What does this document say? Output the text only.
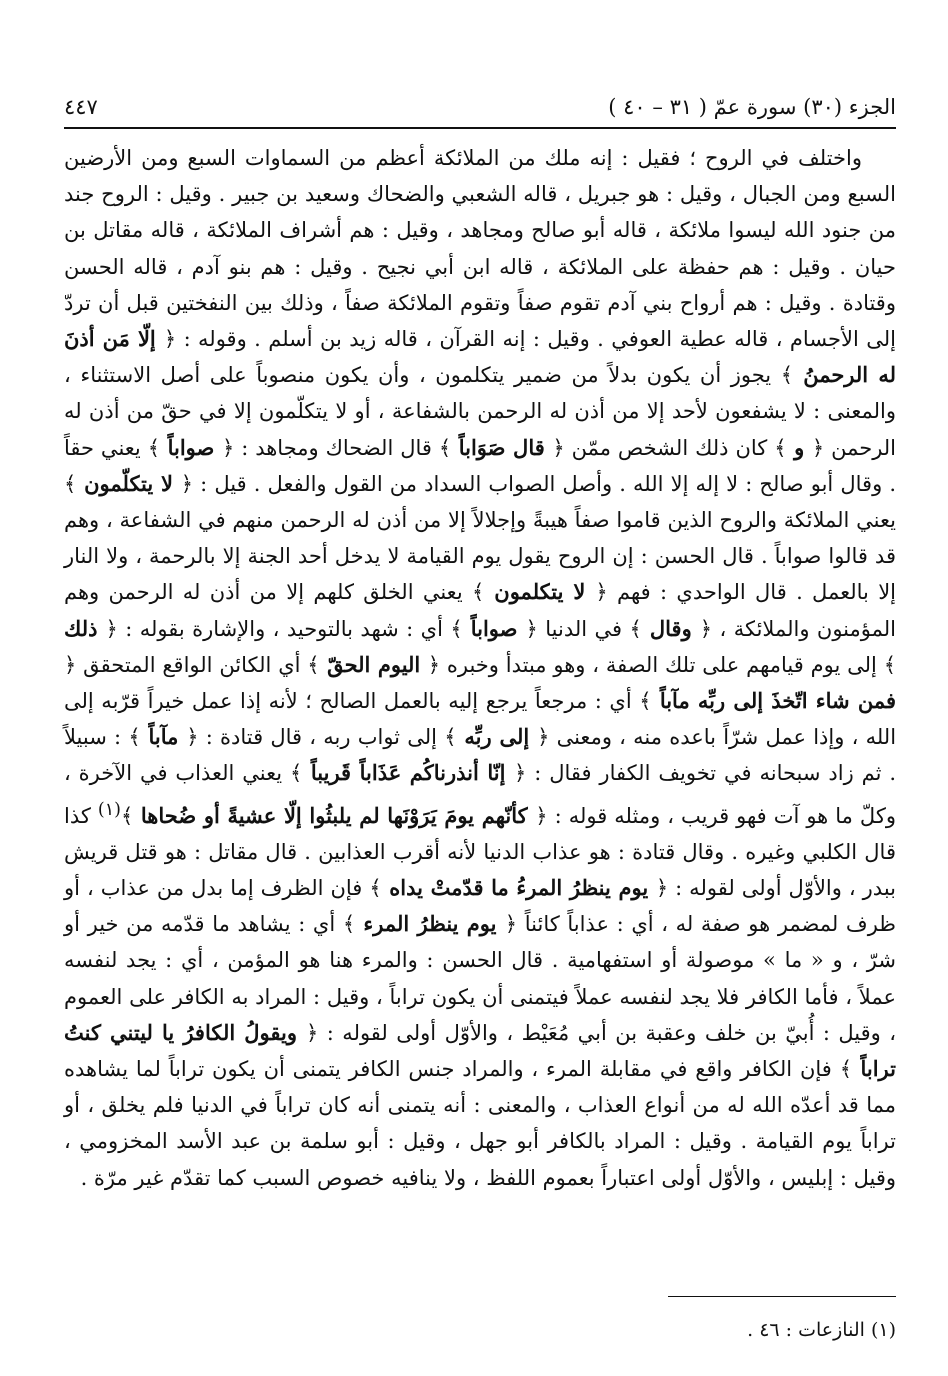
الجزء (٣٠) سورة عمّ ( ٣١ – ٤٠ )
٤٤٧

واختلف في الروح ؛ فقيل : إنه ملك من الملائكة أعظم من السماوات السبع ومن الأرضين السبع ومن الجبال ، وقيل : هو جبريل ، قاله الشعبي والضحاك وسعيد بن جبير . وقيل : الروح جند من جنود الله ليسوا ملائكة ، قاله أبو صالح ومجاهد ، وقيل : هم أشراف الملائكة ، قاله مقاتل بن حيان . وقيل : هم حفظة على الملائكة ، قاله ابن أبي نجيح . وقيل : هم بنو آدم ، قاله الحسن وقتادة . وقيل : هم أرواح بني آدم تقوم صفاً وتقوم الملائكة صفاً ، وذلك بين النفختين قبل أن تردّ إلى الأجسام ، قاله عطية العوفي . وقيل : إنه القرآن ، قاله زيد بن أسلم . وقوله : ﴿ إلّا مَن أذنَ له الرحمنُ ﴾ يجوز أن يكون بدلاً من ضمير يتكلمون ، وأن يكون منصوباً على أصل الاستثناء ، والمعنى : لا يشفعون لأحد إلا من أذن له الرحمن بالشفاعة ، أو لا يتكلّمون إلا في حقّ من أذن له الرحمن ﴿ و ﴾ كان ذلك الشخص ممّن ﴿ قال صَوَاباً ﴾ قال الضحاك ومجاهد : ﴿ صواباً ﴾ يعني حقاً . وقال أبو صالح : لا إله إلا الله . وأصل الصواب السداد من القول والفعل . قيل : ﴿ لا يتكلّمون ﴾ يعني الملائكة والروح الذين قاموا صفاً هيبةً وإجلالاً إلا من أذن له الرحمن منهم في الشفاعة ، وهم قد قالوا صواباً . قال الحسن : إن الروح يقول يوم القيامة لا يدخل أحد الجنة إلا بالرحمة ، ولا النار إلا بالعمل . قال الواحدي : فهم ﴿ لا يتكلمون ﴾ يعني الخلق كلهم إلا من أذن له الرحمن وهم المؤمنون والملائكة ، ﴿ وقال ﴾ في الدنيا ﴿ صواباً ﴾ أي : شهد بالتوحيد ، والإشارة بقوله : ﴿ ذلك ﴾ إلى يوم قيامهم على تلك الصفة ، وهو مبتدأ وخبره ﴿ اليوم الحقّ ﴾ أي الكائن الواقع المتحقق ﴿ فمن شاء اتّخذَ إلى ربِّه مآباً ﴾ أي : مرجعاً يرجع إليه بالعمل الصالح ؛ لأنه إذا عمل خيراً قرّبه إلى الله ، وإذا عمل شرّاً باعده منه ، ومعنى ﴿ إلى ربِّه ﴾ إلى ثواب ربه ، قال قتادة : ﴿ مآباً ﴾ : سبيلاً . ثم زاد سبحانه في تخويف الكفار فقال : ﴿ إنّا أنذرناكُم عَذَاباً قَريباً ﴾ يعني العذاب في الآخرة ، وكلّ ما هو آت فهو قريب ، ومثله قوله : ﴿ كأنّهم يومَ يَرَوْنَها لم يلبثُوا إلّا عشيةً أو ضُحاها ﴾$^{(١)}$ كذا قال الكلبي وغيره . وقال قتادة : هو عذاب الدنيا لأنه أقرب العذابين . قال مقاتل : هو قتل قريش ببدر ، والأوّل أولى لقوله : ﴿ يوم ينظرُ المرءُ ما قدّمتْ يداه ﴾ فإن الظرف إما بدل من عذاب ، أو ظرف لمضمر هو صفة له ، أي : عذاباً كائناً ﴿ يوم ينظرُ المرء ﴾ أي : يشاهد ما قدّمه من خير أو شرّ ، و « ما » موصولة أو استفهامية . قال الحسن : والمرء هنا هو المؤمن ، أي : يجد لنفسه عملاً ، فأما الكافر فلا يجد لنفسه عملاً فيتمنى أن يكون تراباً ، وقيل : المراد به الكافر على العموم ، وقيل : أُبيّ بن خلف وعقبة بن أبي مُعَيْط ، والأوّل أولى لقوله : ﴿ ويقولُ الكافرُ يا ليتني كنتُ تراباً ﴾ فإن الكافر واقع في مقابلة المرء ، والمراد جنس الكافر يتمنى أن يكون تراباً لما يشاهده مما قد أعدّه الله له من أنواع العذاب ، والمعنى : أنه يتمنى أنه كان تراباً في الدنيا فلم يخلق ، أو تراباً يوم القيامة . وقيل : المراد بالكافر أبو جهل ، وقيل : أبو سلمة بن عبد الأسد المخزومي ، وقيل : إبليس ، والأوّل أولى اعتباراً بعموم اللفظ ، ولا ينافيه خصوص السبب كما تقدّم غير مرّة .

(١) النازعات : ٤٦ .
